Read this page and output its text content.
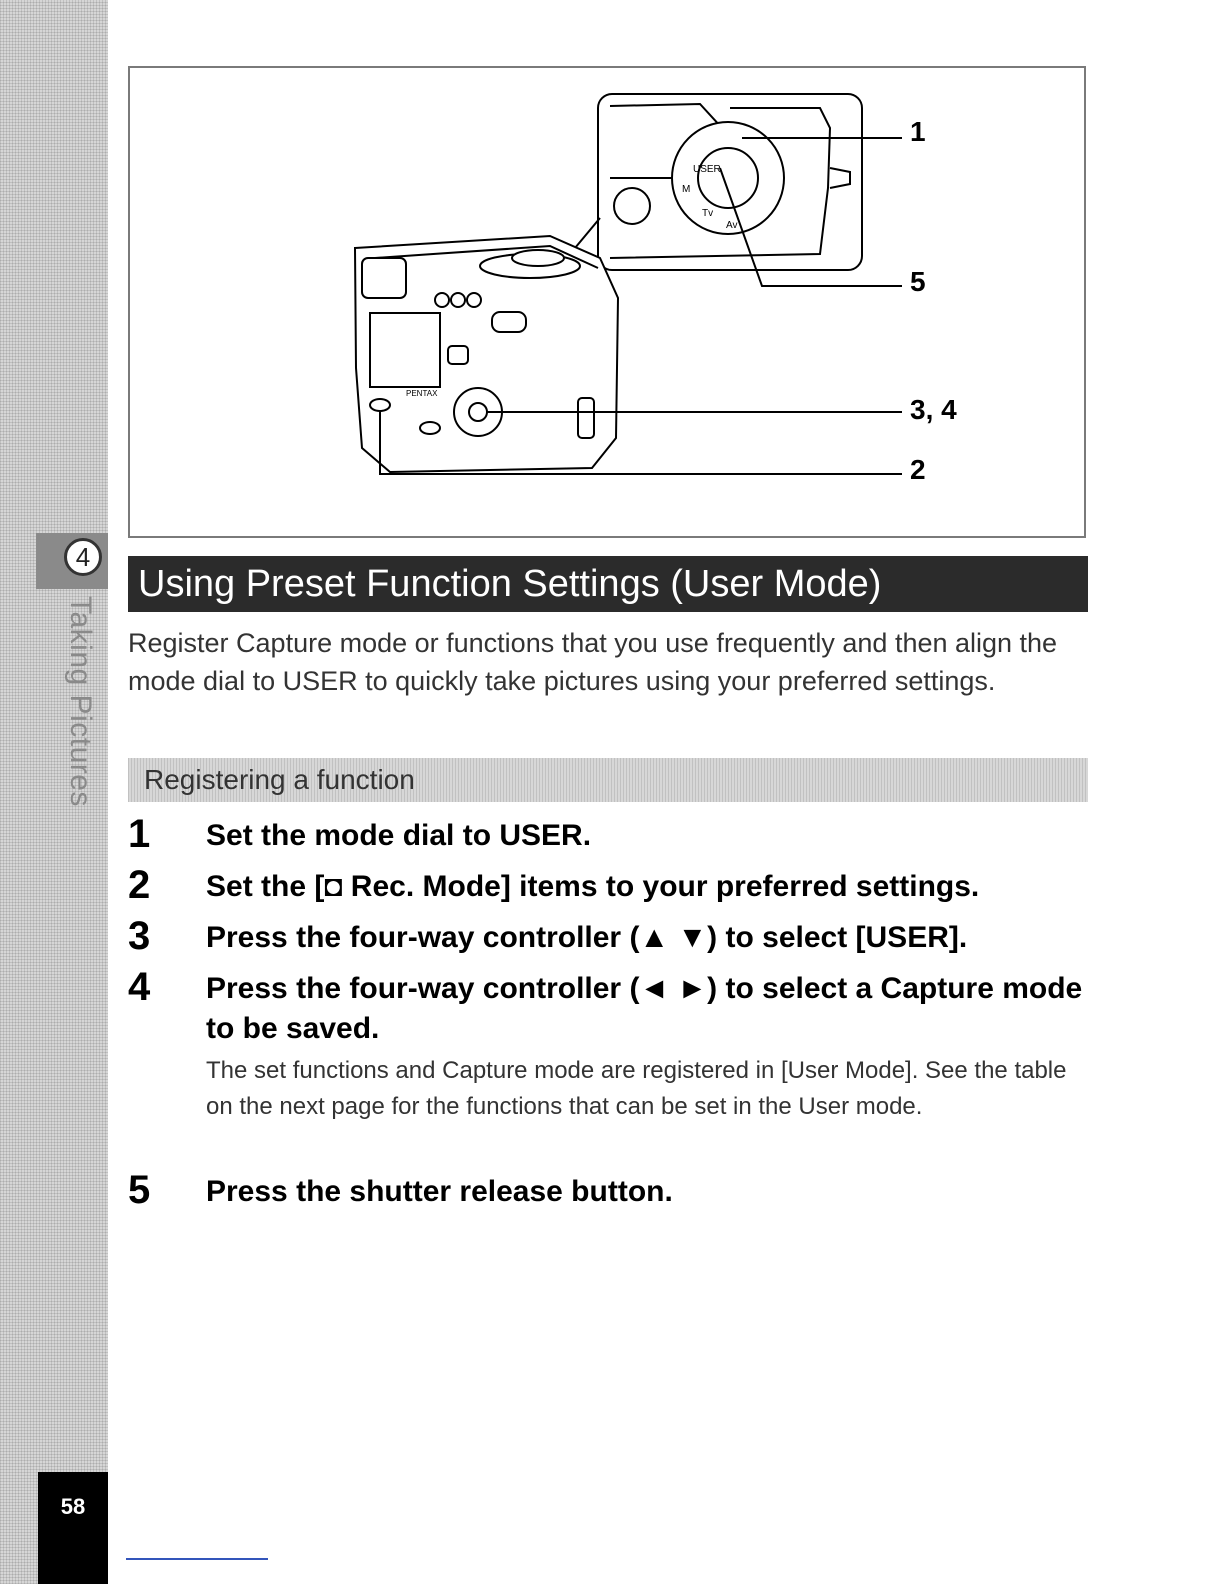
4
Taking Pictures
58
USER
Tv
Av
M
PENTAX
1
5
3, 4
2
Using Preset Function Settings (User Mode)
Register Capture mode or functions that you use frequently and then align the mode dial to USER to quickly take pictures using your preferred settings.
Registering a function
1	Set the mode dial to USER.
2	Set the [◘ Rec. Mode] items to your preferred settings.
3	Press the four-way controller (▲ ▼) to select [USER].
4	Press the four-way controller (◄ ►) to select a Capture mode to be saved.
The set functions and Capture mode are registered in [User Mode]. See the table on the next page for the functions that can be set in the User mode.
5	Press the shutter release button.
